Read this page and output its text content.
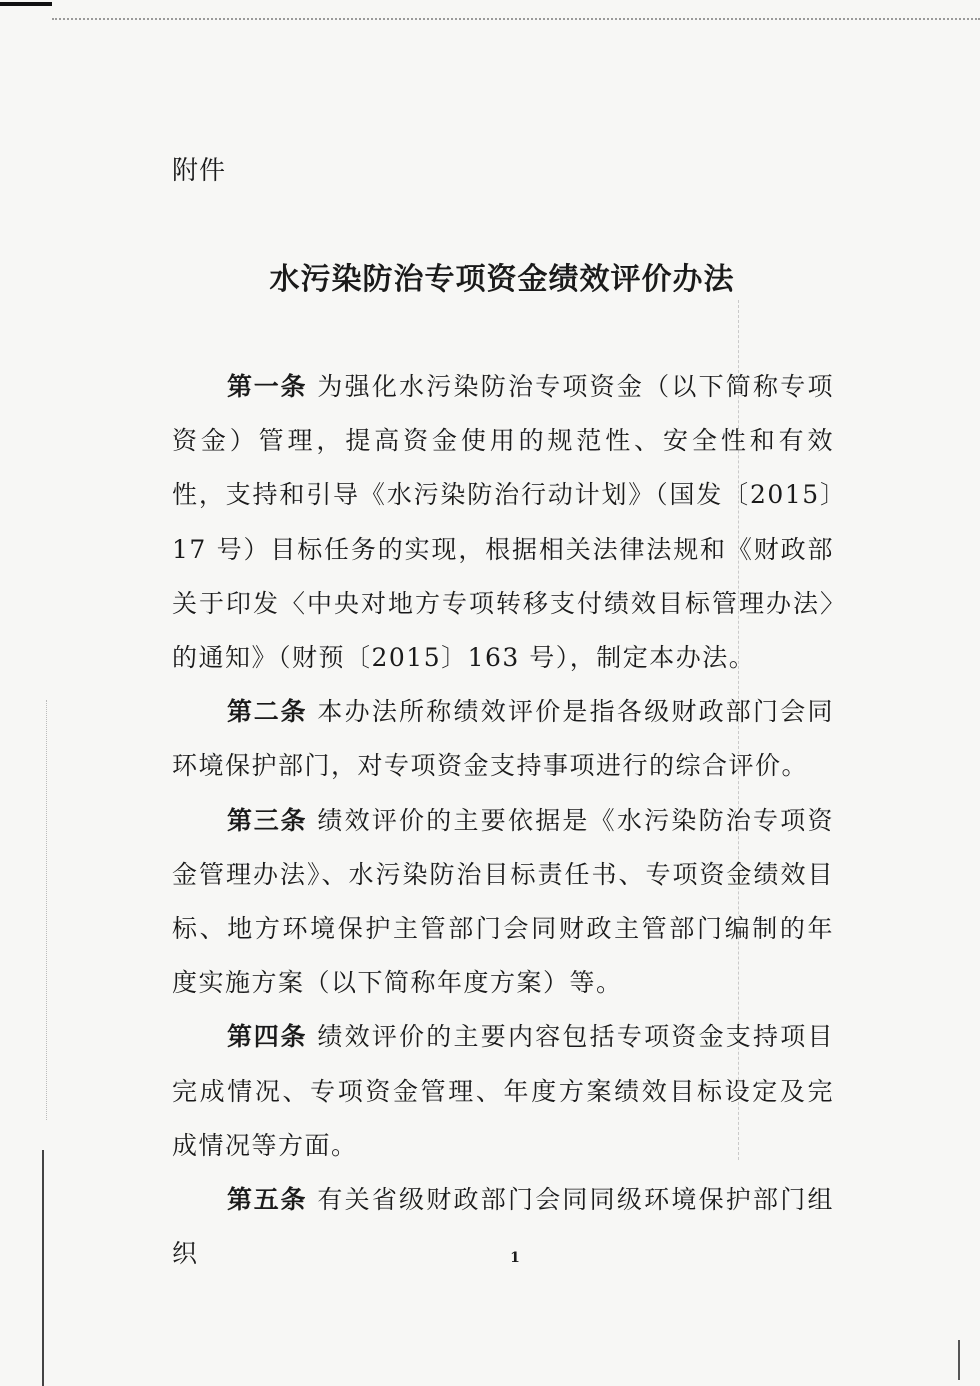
附件
水污染防治专项资金绩效评价办法

第一条 为强化水污染防治专项资金（以下简称专项资金）管理，提高资金使用的规范性、安全性和有效性，支持和引导《水污染防治行动计划》（国发〔2015〕17 号）目标任务的实现，根据相关法律法规和《财政部关于印发〈中央对地方专项转移支付绩效目标管理办法〉的通知》（财预〔2015〕163 号），制定本办法。

第二条 本办法所称绩效评价是指各级财政部门会同环境保护部门，对专项资金支持事项进行的综合评价。

第三条 绩效评价的主要依据是《水污染防治专项资金管理办法》、水污染防治目标责任书、专项资金绩效目标、地方环境保护主管部门会同财政主管部门编制的年度实施方案（以下简称年度方案）等。

第四条 绩效评价的主要内容包括专项资金支持项目完成情况、专项资金管理、年度方案绩效目标设定及完成情况等方面。

第五条 有关省级财政部门会同同级环境保护部门组织	1
